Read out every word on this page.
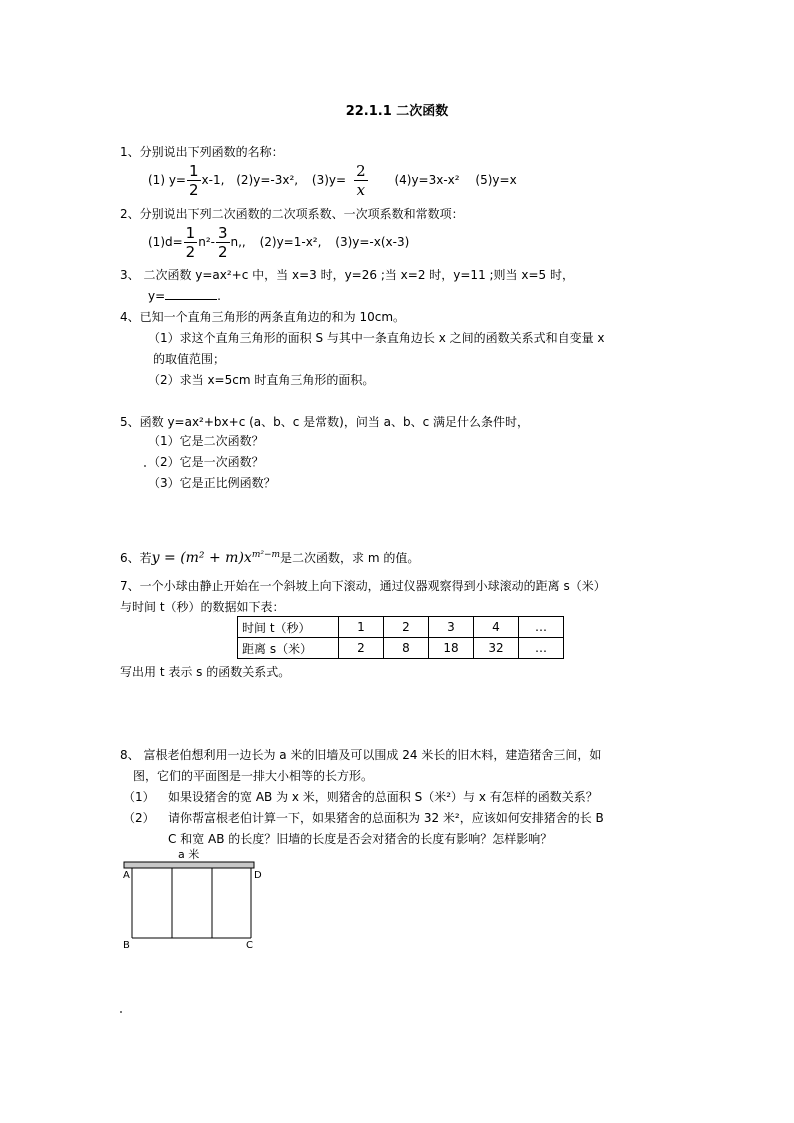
22.1.1 二次函数
1、分别说出下列函数的名称：
(1) $y= \frac{1}{2} x-1$, (2)y=-3x², $(3)y= \frac{2}{x} (4)y=3x-x^2$ (5)y=x
2、分别说出下列二次函数的二次项系数、一次项系数和常数项：
$(1)d= \frac{1}{2} n^2- \frac{3}{2} n$,, (2)y=1-x², (3)y=-x(x-3)
3、 二次函数 y=ax²+c 中，当 x=3 时，y=26 ;当 x=2 时，y=11 ;则当 x=5 时，
y=	.
4、已知一个直角三角形的两条直角边的和为 10cm。
（1）求这个直角三角形的面积 S 与其中一条直角边长 x 之间的函数关系式和自变量 x
的取值范围；
（2）求当 x=5cm 时直角三角形的面积。
5、函数 y=ax²+bx+c (a、b、c 是常数)，问当 a、b、c 满足什么条件时，
（1）它是二次函数？
（2）它是一次函数？
（3）它是正比例函数？
6、若$y = (m^2 + m)x^{m^2-m}$是二次函数，求 m 的值。
7、一个小球由静止开始在一个斜坡上向下滚动，通过仪器观察得到小球滚动的距离 s（米）
与时间 t（秒）的数据如下表：
时间 t（秒）	1	2	3	4	…
距离 s（米）	2	8	18	32	…
写出用 t 表示 s 的函数关系式。
8、 富根老伯想利用一边长为 a 米的旧墙及可以围成 24 米长的旧木料，建造猪舍三间，如
图，它们的平面图是一排大小相等的长方形。
（1） 如果设猪舍的宽 AB 为 x 米，则猪舍的总面积 S（米²）与 x 有怎样的函数关系？
（2） 请你帮富根老伯计算一下，如果猪舍的总面积为 32 米²，应该如何安排猪舍的长 B
C 和宽 AB 的长度？旧墙的长度是否会对猪舍的长度有影响？怎样影响？
a 米
A	D
B	C
